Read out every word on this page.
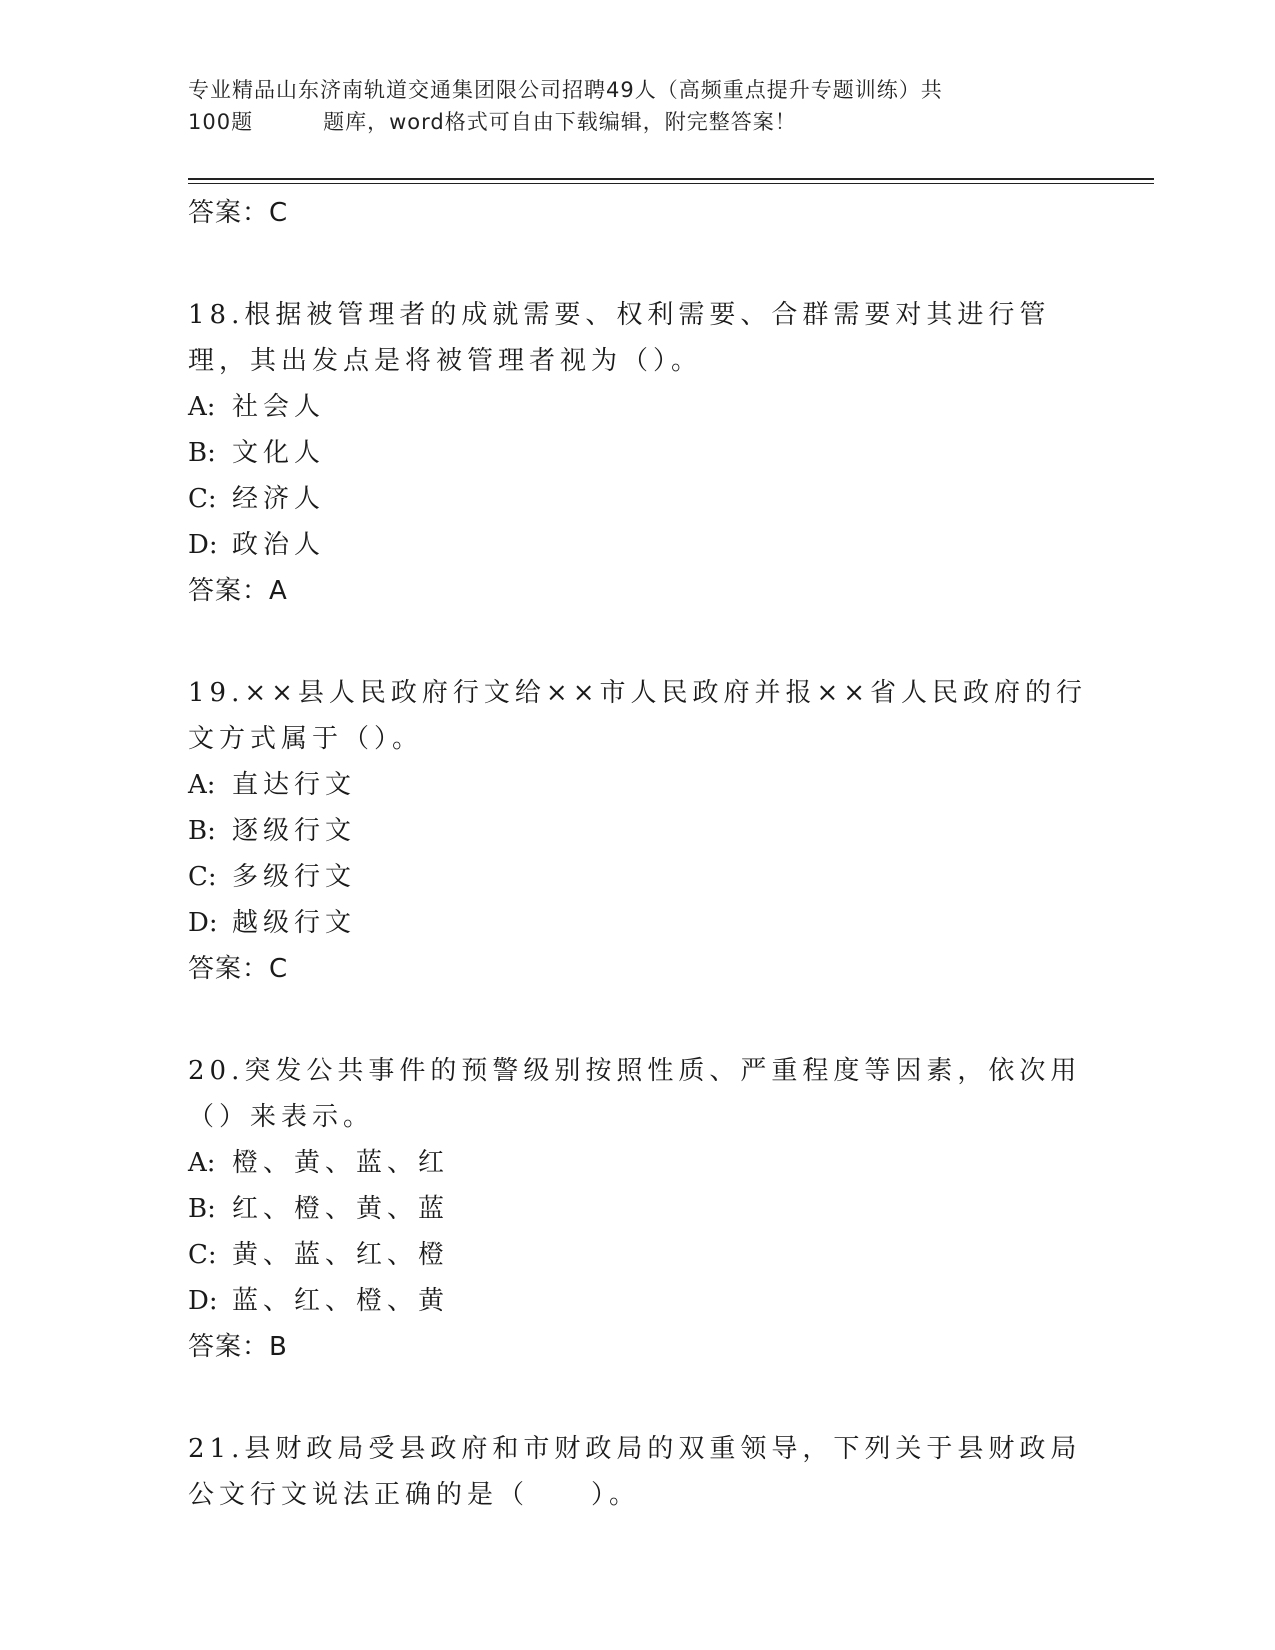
专业精品山东济南轨道交通集团限公司招聘49人（高频重点提升专题训练）共
100题	题库，word格式可自由下载编辑，附完整答案！
答案：C
18.根据被管理者的成就需要、权利需要、合群需要对其进行管理，其出发点是将被管理者视为（）。
A: 社会人
B: 文化人
C: 经济人
D: 政治人
答案：A
19.××县人民政府行文给××市人民政府并报××省人民政府的行文方式属于（）。
A: 直达行文
B: 逐级行文
C: 多级行文
D: 越级行文
答案：C
20.突发公共事件的预警级别按照性质、严重程度等因素，依次用（）来表示。
A: 橙、黄、蓝、红
B: 红、橙、黄、蓝
C: 黄、蓝、红、橙
D: 蓝、红、橙、黄
答案：B
21.县财政局受县政府和市财政局的双重领导，下列关于县财政局公文行文说法正确的是（　　）。
